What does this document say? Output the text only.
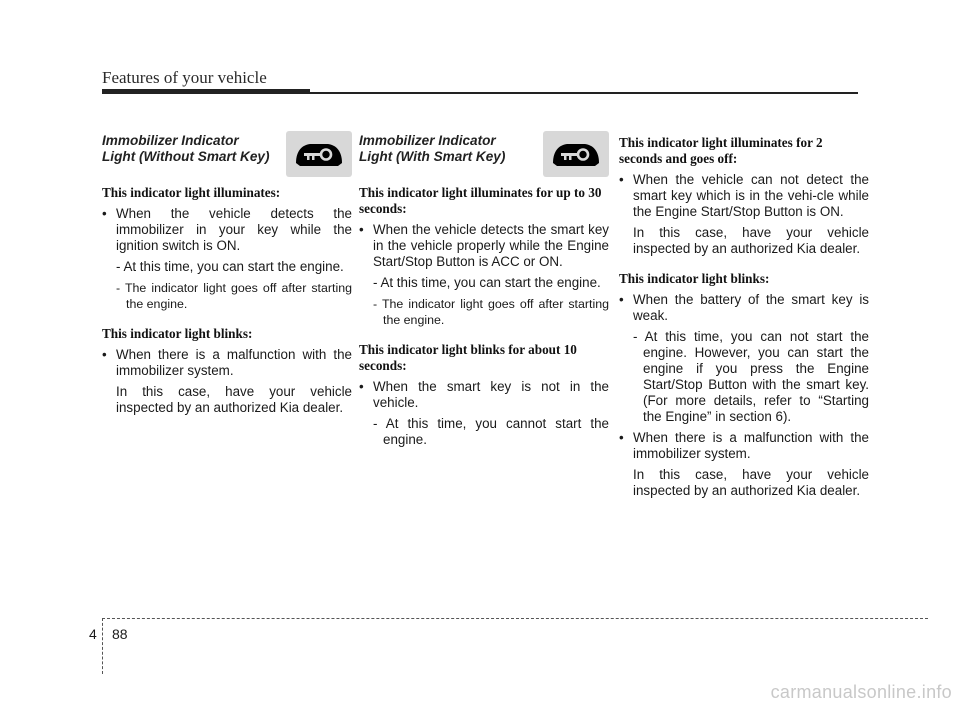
Features of your vehicle
Immobilizer Indicator
Light (Without Smart Key)
This indicator light illuminates:
• When the vehicle detects the immobilizer in your key while the ignition switch is ON.
- At this time, you can start the engine.
- The indicator light goes off after starting the engine.
This indicator light blinks:
• When there is a malfunction with the immobilizer system.
In this case, have your vehicle inspected by an authorized Kia dealer.
Immobilizer Indicator
Light (With Smart Key)
This indicator light illuminates for up to 30 seconds:
• When the vehicle detects the smart key in the vehicle properly while the Engine Start/Stop Button is ACC or ON.
- At this time, you can start the engine.
- The indicator light goes off after starting the engine.
This indicator light blinks for about 10 seconds:
• When the smart key is not in the vehicle.
- At this time, you cannot start the engine.
This indicator light illuminates for 2 seconds and goes off:
• When the vehicle can not detect the smart key which is in the vehi-cle while the Engine Start/Stop Button is ON.
In this case, have your vehicle inspected by an authorized Kia dealer.
This indicator light blinks:
• When the battery of the smart key is weak.
- At this time, you can not start the engine. However, you can start the engine if you press the Engine Start/Stop Button with the smart key. (For more details, refer to “Starting the Engine” in section 6).
• When there is a malfunction with the immobilizer system.
In this case, have your vehicle inspected by an authorized Kia dealer.
4 88
carmanualsonline.info
